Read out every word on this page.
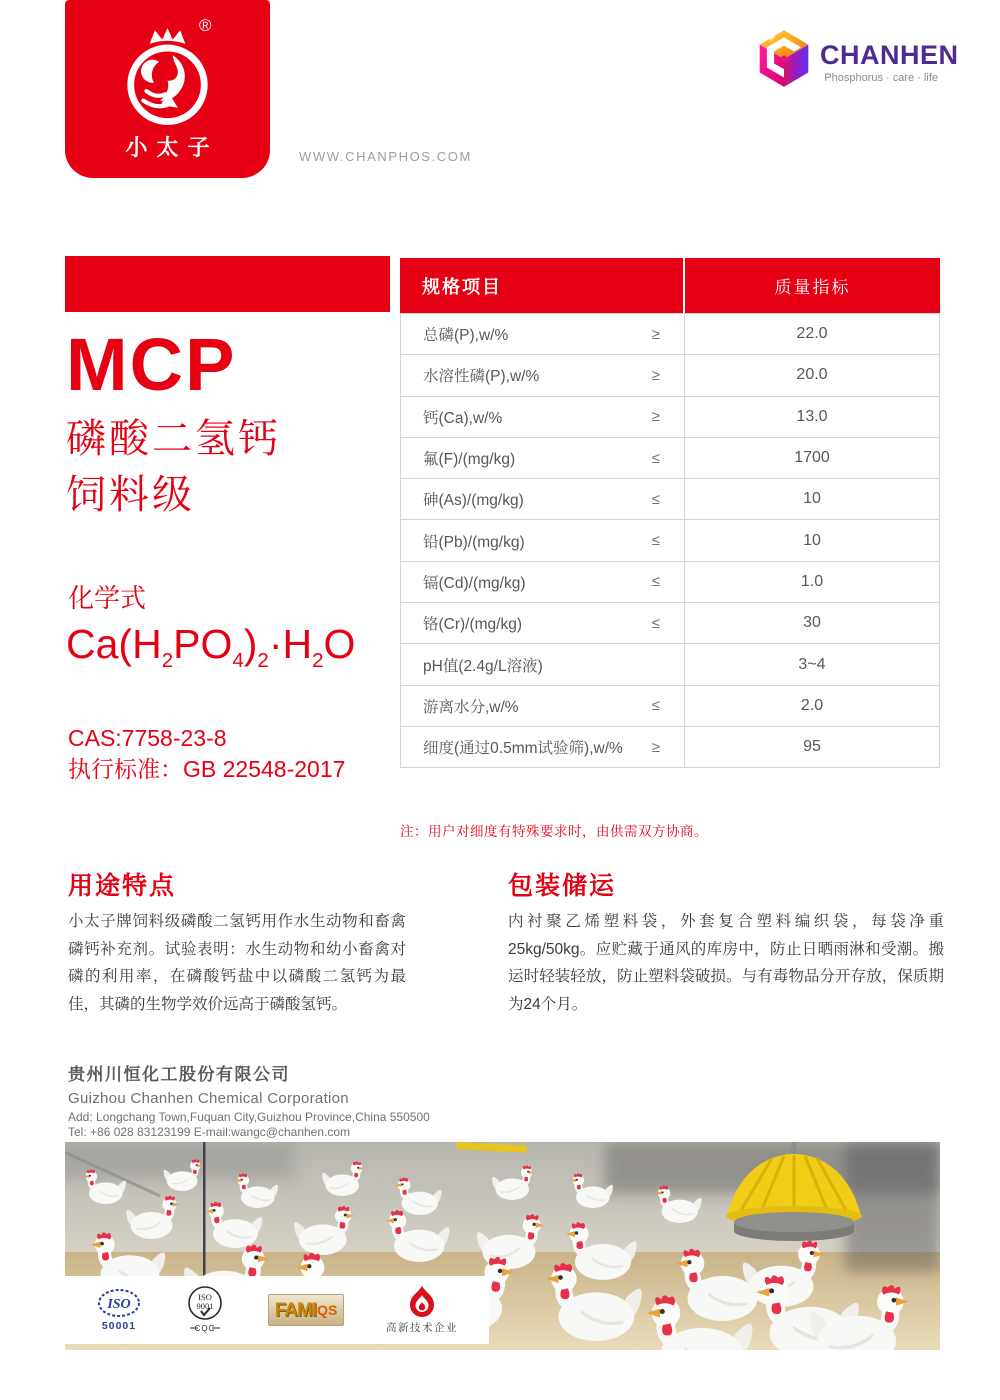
®
小太子	WWW.CHANPHOS.COM
CHANHEN
Phosphorus · care · life
MCP
磷酸二氢钙
饲料级
化学式
$Ca(H_2PO_4)_2\cdot H_2O$
CAS:7758-23-8
执行标准：GB 22548-2017
规格项目	质量指标
总磷(P),w/%	≥	22.0
水溶性磷(P),w/%	≥	20.0
钙(Ca),w/%	≥	13.0
氟(F)/(mg/kg)	≤	1700
砷(As)/(mg/kg)	≤	10
铅(Pb)/(mg/kg)	≤	10
镉(Cd)/(mg/kg)	≤	1.0
铬(Cr)/(mg/kg)	≤	30
pH值(2.4g/L溶液)	3~4
游离水分,w/%	≤	2.0
细度(通过0.5mm试验筛),w/% ≥	95
注：用户对细度有特殊要求时，由供需双方协商。
用途特点
小太子牌饲料级磷酸二氢钙用作水生动物和畜禽磷钙补充剂。试验表明：水生动物和幼小畜禽对磷的利用率，在磷酸钙盐中以磷酸二氢钙为最佳，其磷的生物学效价远高于磷酸氢钙。
包装储运
内衬聚乙烯塑料袋，外套复合塑料编织袋，每袋净重25kg/50kg。应贮藏于通风的库房中，防止日晒雨淋和受潮。搬运时轻装轻放，防止塑料袋破损。与有毒物品分开存放，保质期为24个月。
贵州川恒化工股份有限公司
Guizhou Chanhen Chemical Corporation
Add: Longchang Town,Fuquan City,Guizhou Province,China 550500
Tel: +86 028 83123199 E-mail:wangc@chanhen.com
ISO
50001
ISO
9001
CQC
FAMI QS
高新技术企业
